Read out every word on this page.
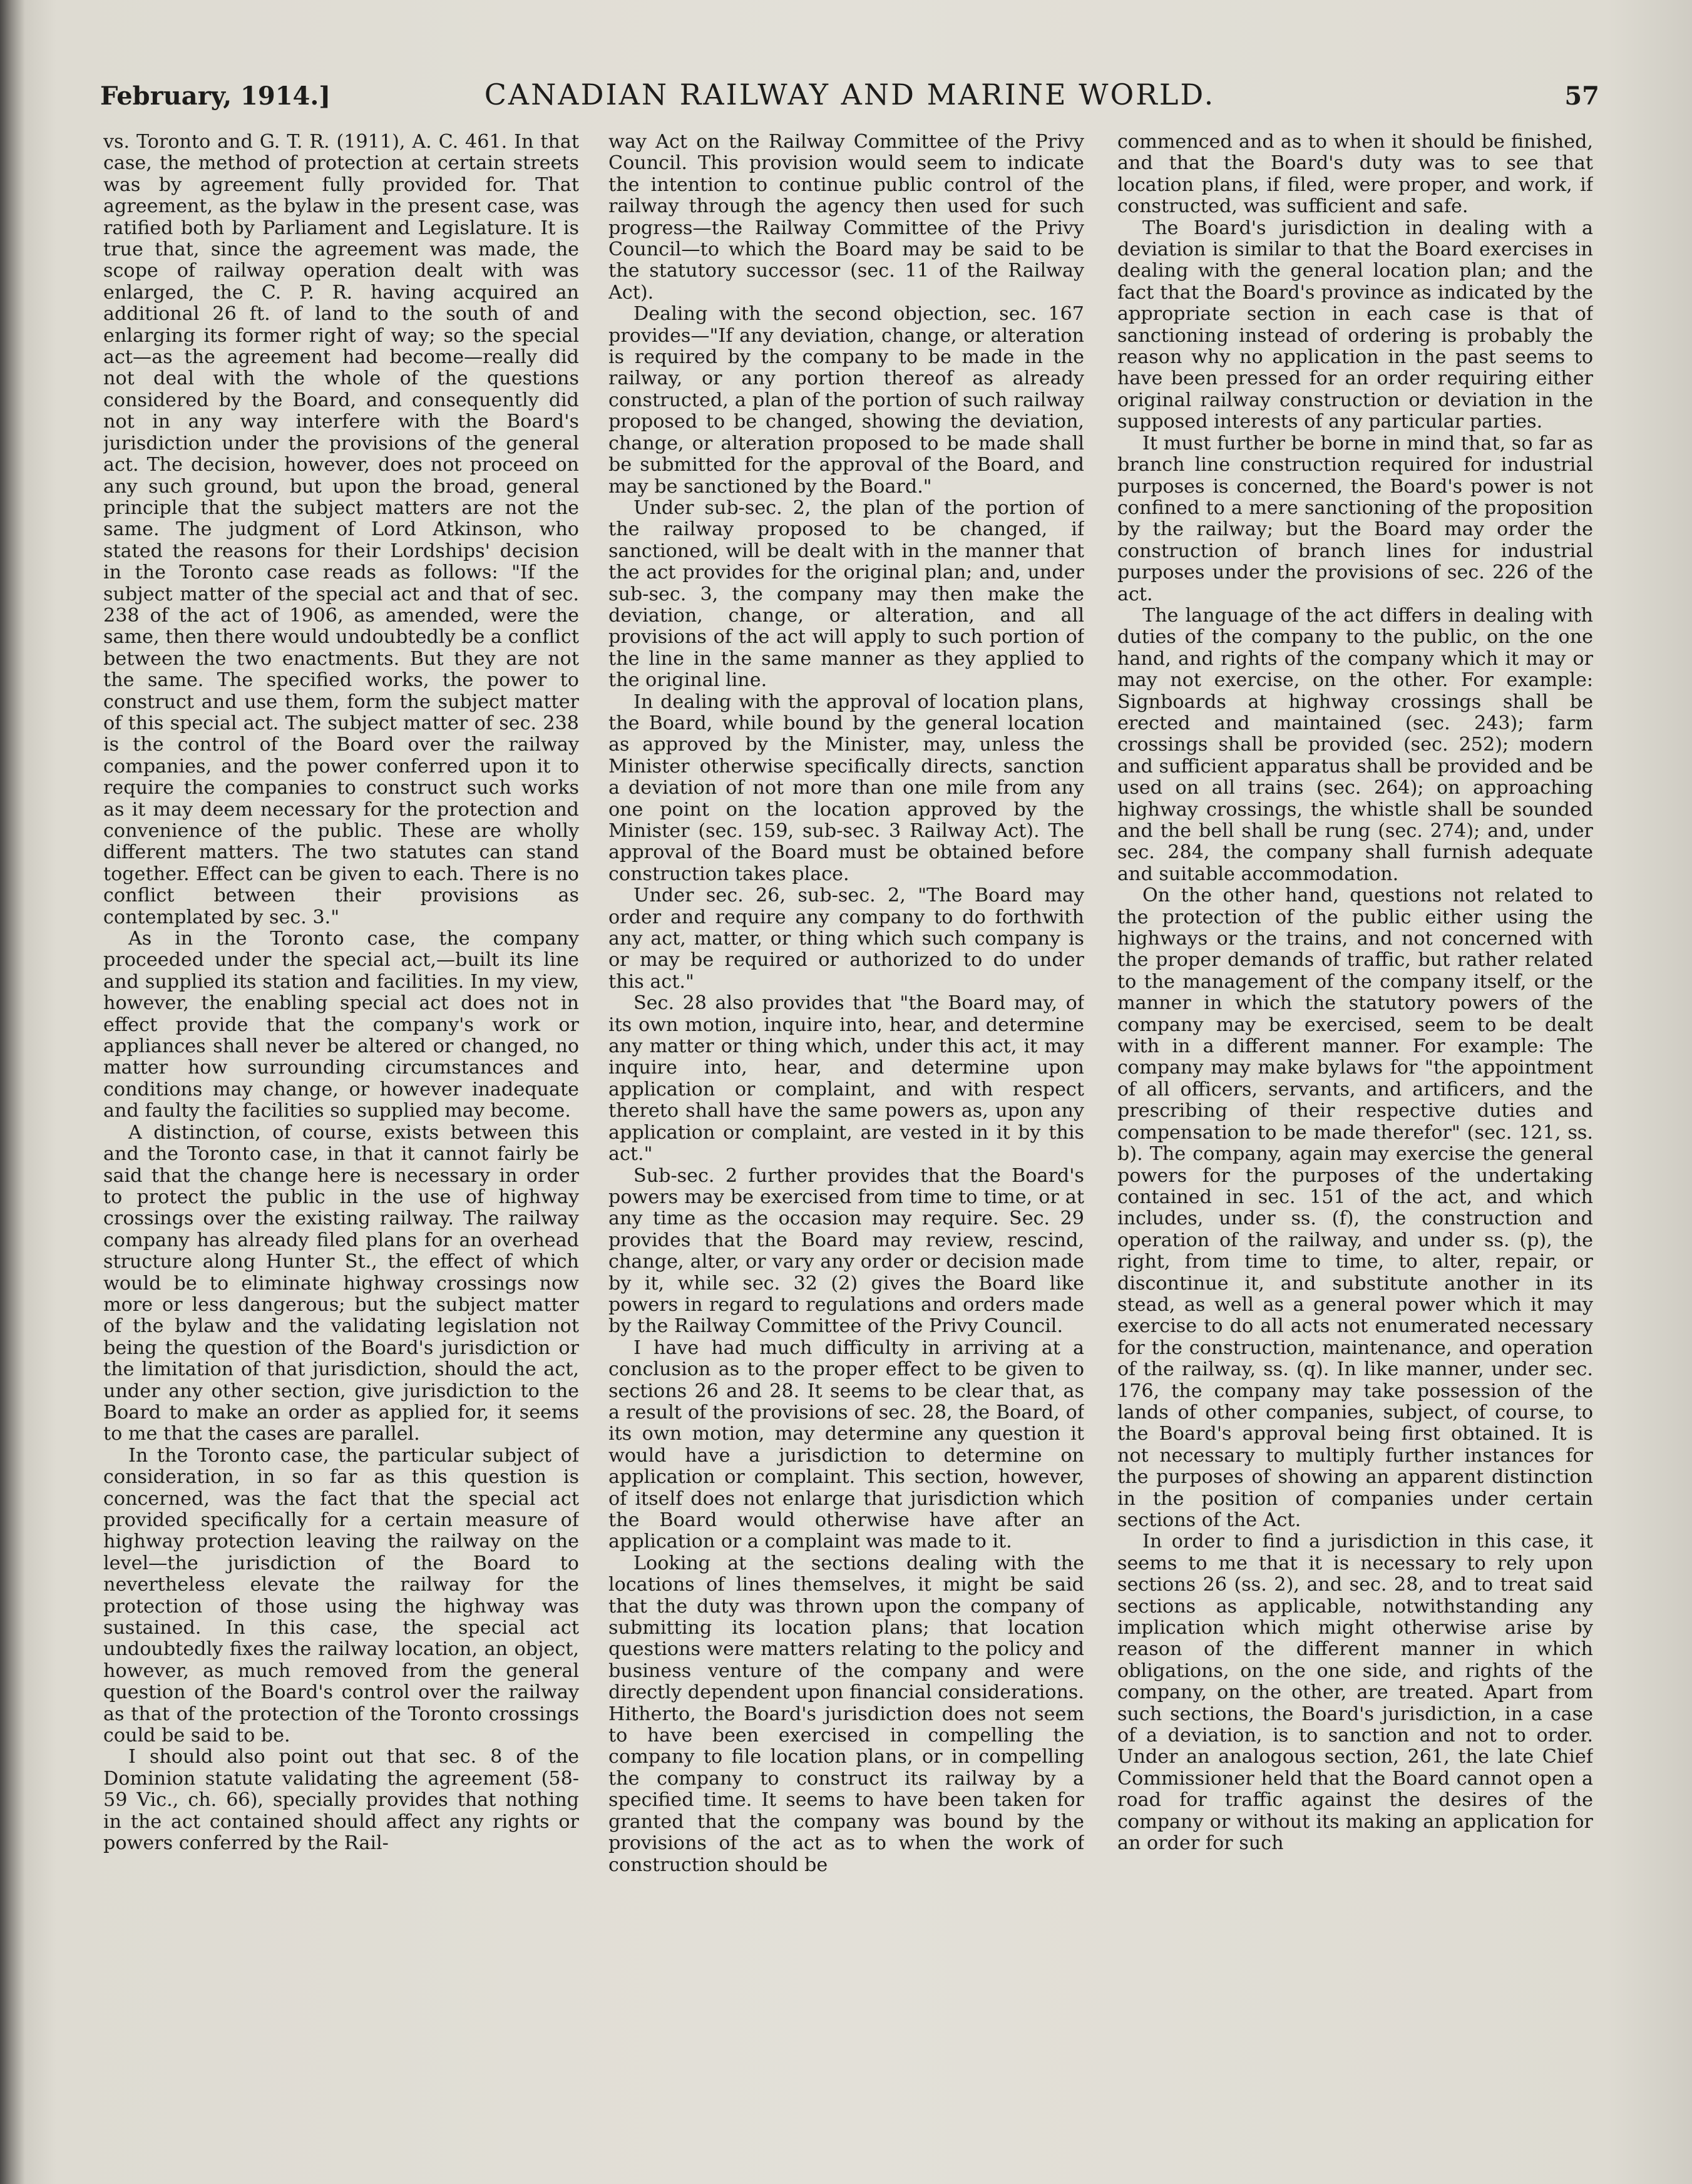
February, 1914.]	CANADIAN RAILWAY AND MARINE WORLD.	57

vs. Toronto and G. T. R. (1911), A. C. 461. In that case, the method of protection at certain streets was by agreement fully provided for. That agreement, as the bylaw in the present case, was ratified both by Parliament and Legislature. It is true that, since the agreement was made, the scope of railway operation dealt with was enlarged, the C. P. R. having acquired an additional 26 ft. of land to the south of and enlarging its former right of way; so the special act—as the agreement had become—really did not deal with the whole of the questions considered by the Board, and consequently did not in any way interfere with the Board's jurisdiction under the provisions of the general act. The decision, however, does not proceed on any such ground, but upon the broad, general principle that the subject matters are not the same. The judgment of Lord Atkinson, who stated the reasons for their Lordships' decision in the Toronto case reads as follows: "If the subject matter of the special act and that of sec. 238 of the act of 1906, as amended, were the same, then there would undoubtedly be a conflict between the two enactments. But they are not the same. The specified works, the power to construct and use them, form the subject matter of this special act. The subject matter of sec. 238 is the control of the Board over the railway companies, and the power conferred upon it to require the companies to construct such works as it may deem necessary for the protection and convenience of the public. These are wholly different matters. The two statutes can stand together. Effect can be given to each. There is no conflict between their provisions as contemplated by sec. 3."

As in the Toronto case, the company proceeded under the special act,—built its line and supplied its station and facilities. In my view, however, the enabling special act does not in effect provide that the company's work or appliances shall never be altered or changed, no matter how surrounding circumstances and conditions may change, or however inadequate and faulty the facilities so supplied may become.

A distinction, of course, exists between this and the Toronto case, in that it cannot fairly be said that the change here is necessary in order to protect the public in the use of highway crossings over the existing railway. The railway company has already filed plans for an overhead structure along Hunter St., the effect of which would be to eliminate highway crossings now more or less dangerous; but the subject matter of the bylaw and the validating legislation not being the question of the Board's jurisdiction or the limitation of that jurisdiction, should the act, under any other section, give jurisdiction to the Board to make an order as applied for, it seems to me that the cases are parallel.

In the Toronto case, the particular subject of consideration, in so far as this question is concerned, was the fact that the special act provided specifically for a certain measure of highway protection leaving the railway on the level—the jurisdiction of the Board to nevertheless elevate the railway for the protection of those using the highway was sustained. In this case, the special act undoubtedly fixes the railway location, an object, however, as much removed from the general question of the Board's control over the railway as that of the protection of the Toronto crossings could be said to be.

I should also point out that sec. 8 of the Dominion statute validating the agreement (58-59 Vic., ch. 66), specially provides that nothing in the act contained should affect any rights or powers conferred by the Rail-

way Act on the Railway Committee of the Privy Council. This provision would seem to indicate the intention to continue public control of the railway through the agency then used for such progress—the Railway Committee of the Privy Council—to which the Board may be said to be the statutory successor (sec. 11 of the Railway Act).

Dealing with the second objection, sec. 167 provides—"If any deviation, change, or alteration is required by the company to be made in the railway, or any portion thereof as already constructed, a plan of the portion of such railway proposed to be changed, showing the deviation, change, or alteration proposed to be made shall be submitted for the approval of the Board, and may be sanctioned by the Board."

Under sub-sec. 2, the plan of the portion of the railway proposed to be changed, if sanctioned, will be dealt with in the manner that the act provides for the original plan; and, under sub-sec. 3, the company may then make the deviation, change, or alteration, and all provisions of the act will apply to such portion of the line in the same manner as they applied to the original line.

In dealing with the approval of location plans, the Board, while bound by the general location as approved by the Minister, may, unless the Minister otherwise specifically directs, sanction a deviation of not more than one mile from any one point on the location approved by the Minister (sec. 159, sub-sec. 3 Railway Act). The approval of the Board must be obtained before construction takes place.

Under sec. 26, sub-sec. 2, "The Board may order and require any company to do forthwith any act, matter, or thing which such company is or may be required or authorized to do under this act."

Sec. 28 also provides that "the Board may, of its own motion, inquire into, hear, and determine any matter or thing which, under this act, it may inquire into, hear, and determine upon application or complaint, and with respect thereto shall have the same powers as, upon any application or complaint, are vested in it by this act."

Sub-sec. 2 further provides that the Board's powers may be exercised from time to time, or at any time as the occasion may require. Sec. 29 provides that the Board may review, rescind, change, alter, or vary any order or decision made by it, while sec. 32 (2) gives the Board like powers in regard to regulations and orders made by the Railway Committee of the Privy Council.

I have had much difficulty in arriving at a conclusion as to the proper effect to be given to sections 26 and 28. It seems to be clear that, as a result of the provisions of sec. 28, the Board, of its own motion, may determine any question it would have a jurisdiction to determine on application or complaint. This section, however, of itself does not enlarge that jurisdiction which the Board would otherwise have after an application or a complaint was made to it.

Looking at the sections dealing with the locations of lines themselves, it might be said that the duty was thrown upon the company of submitting its location plans; that location questions were matters relating to the policy and business venture of the company and were directly dependent upon financial considerations. Hitherto, the Board's jurisdiction does not seem to have been exercised in compelling the company to file location plans, or in compelling the company to construct its railway by a specified time. It seems to have been taken for granted that the company was bound by the provisions of the act as to when the work of construction should be

commenced and as to when it should be finished, and that the Board's duty was to see that location plans, if filed, were proper, and work, if constructed, was sufficient and safe.

The Board's jurisdiction in dealing with a deviation is similar to that the Board exercises in dealing with the general location plan; and the fact that the Board's province as indicated by the appropriate section in each case is that of sanctioning instead of ordering is probably the reason why no application in the past seems to have been pressed for an order requiring either original railway construction or deviation in the supposed interests of any particular parties.

It must further be borne in mind that, so far as branch line construction required for industrial purposes is concerned, the Board's power is not confined to a mere sanctioning of the proposition by the railway; but the Board may order the construction of branch lines for industrial purposes under the provisions of sec. 226 of the act.

The language of the act differs in dealing with duties of the company to the public, on the one hand, and rights of the company which it may or may not exercise, on the other. For example: Signboards at highway crossings shall be erected and maintained (sec. 243); farm crossings shall be provided (sec. 252); modern and sufficient apparatus shall be provided and be used on all trains (sec. 264); on approaching highway crossings, the whistle shall be sounded and the bell shall be rung (sec. 274); and, under sec. 284, the company shall furnish adequate and suitable accommodation.

On the other hand, questions not related to the protection of the public either using the highways or the trains, and not concerned with the proper demands of traffic, but rather related to the management of the company itself, or the manner in which the statutory powers of the company may be exercised, seem to be dealt with in a different manner. For example: The company may make bylaws for "the appointment of all officers, servants, and artificers, and the prescribing of their respective duties and compensation to be made therefor" (sec. 121, ss. b). The company, again may exercise the general powers for the purposes of the undertaking contained in sec. 151 of the act, and which includes, under ss. (f), the construction and operation of the railway, and under ss. (p), the right, from time to time, to alter, repair, or discontinue it, and substitute another in its stead, as well as a general power which it may exercise to do all acts not enumerated necessary for the construction, maintenance, and operation of the railway, ss. (q). In like manner, under sec. 176, the company may take possession of the lands of other companies, subject, of course, to the Board's approval being first obtained. It is not necessary to multiply further instances for the purposes of showing an apparent distinction in the position of companies under certain sections of the Act.

In order to find a jurisdiction in this case, it seems to me that it is necessary to rely upon sections 26 (ss. 2), and sec. 28, and to treat said sections as applicable, notwithstanding any implication which might otherwise arise by reason of the different manner in which obligations, on the one side, and rights of the company, on the other, are treated. Apart from such sections, the Board's jurisdiction, in a case of a deviation, is to sanction and not to order. Under an analogous section, 261, the late Chief Commissioner held that the Board cannot open a road for traffic against the desires of the company or without its making an application for an order for such
